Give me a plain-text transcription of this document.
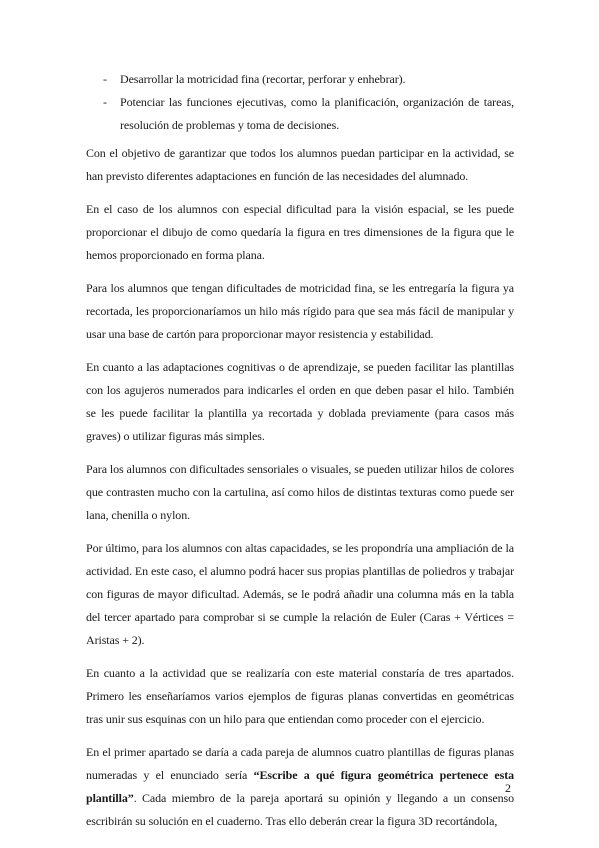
- Desarrollar la motricidad fina (recortar, perforar y enhebrar).
- Potenciar las funciones ejecutivas, como la planificación, organización de tareas, resolución de problemas y toma de decisiones.

Con el objetivo de garantizar que todos los alumnos puedan participar en la actividad, se han previsto diferentes adaptaciones en función de las necesidades del alumnado.

En el caso de los alumnos con especial dificultad para la visión espacial, se les puede proporcionar el dibujo de como quedaría la figura en tres dimensiones de la figura que le hemos proporcionado en forma plana.

Para los alumnos que tengan dificultades de motricidad fina, se les entregaría la figura ya recortada, les proporcionaríamos un hilo más rígido para que sea más fácil de manipular y usar una base de cartón para proporcionar mayor resistencia y estabilidad.

En cuanto a las adaptaciones cognitivas o de aprendizaje, se pueden facilitar las plantillas con los agujeros numerados para indicarles el orden en que deben pasar el hilo. También se les puede facilitar la plantilla ya recortada y doblada previamente (para casos más graves) o utilizar figuras más simples.

Para los alumnos con dificultades sensoriales o visuales, se pueden utilizar hilos de colores que contrasten mucho con la cartulina, así como hilos de distintas texturas como puede ser lana, chenilla o nylon.

Por último, para los alumnos con altas capacidades, se les propondría una ampliación de la actividad. En este caso, el alumno podrá hacer sus propias plantillas de poliedros y trabajar con figuras de mayor dificultad. Además, se le podrá añadir una columna más en la tabla del tercer apartado para comprobar si se cumple la relación de Euler (Caras + Vértices = Aristas + 2).

En cuanto a la actividad que se realizaría con este material constaría de tres apartados. Primero les enseñaríamos varios ejemplos de figuras planas convertidas en geométricas tras unir sus esquinas con un hilo para que entiendan como proceder con el ejercicio.

En el primer apartado se daría a cada pareja de alumnos cuatro plantillas de figuras planas numeradas y el enunciado sería “Escribe a qué figura geométrica pertenece esta plantilla”. Cada miembro de la pareja aportará su opinión y llegando a un consenso escribirán su solución en el cuaderno. Tras ello deberán crear la figura 3D recortándola,

2
